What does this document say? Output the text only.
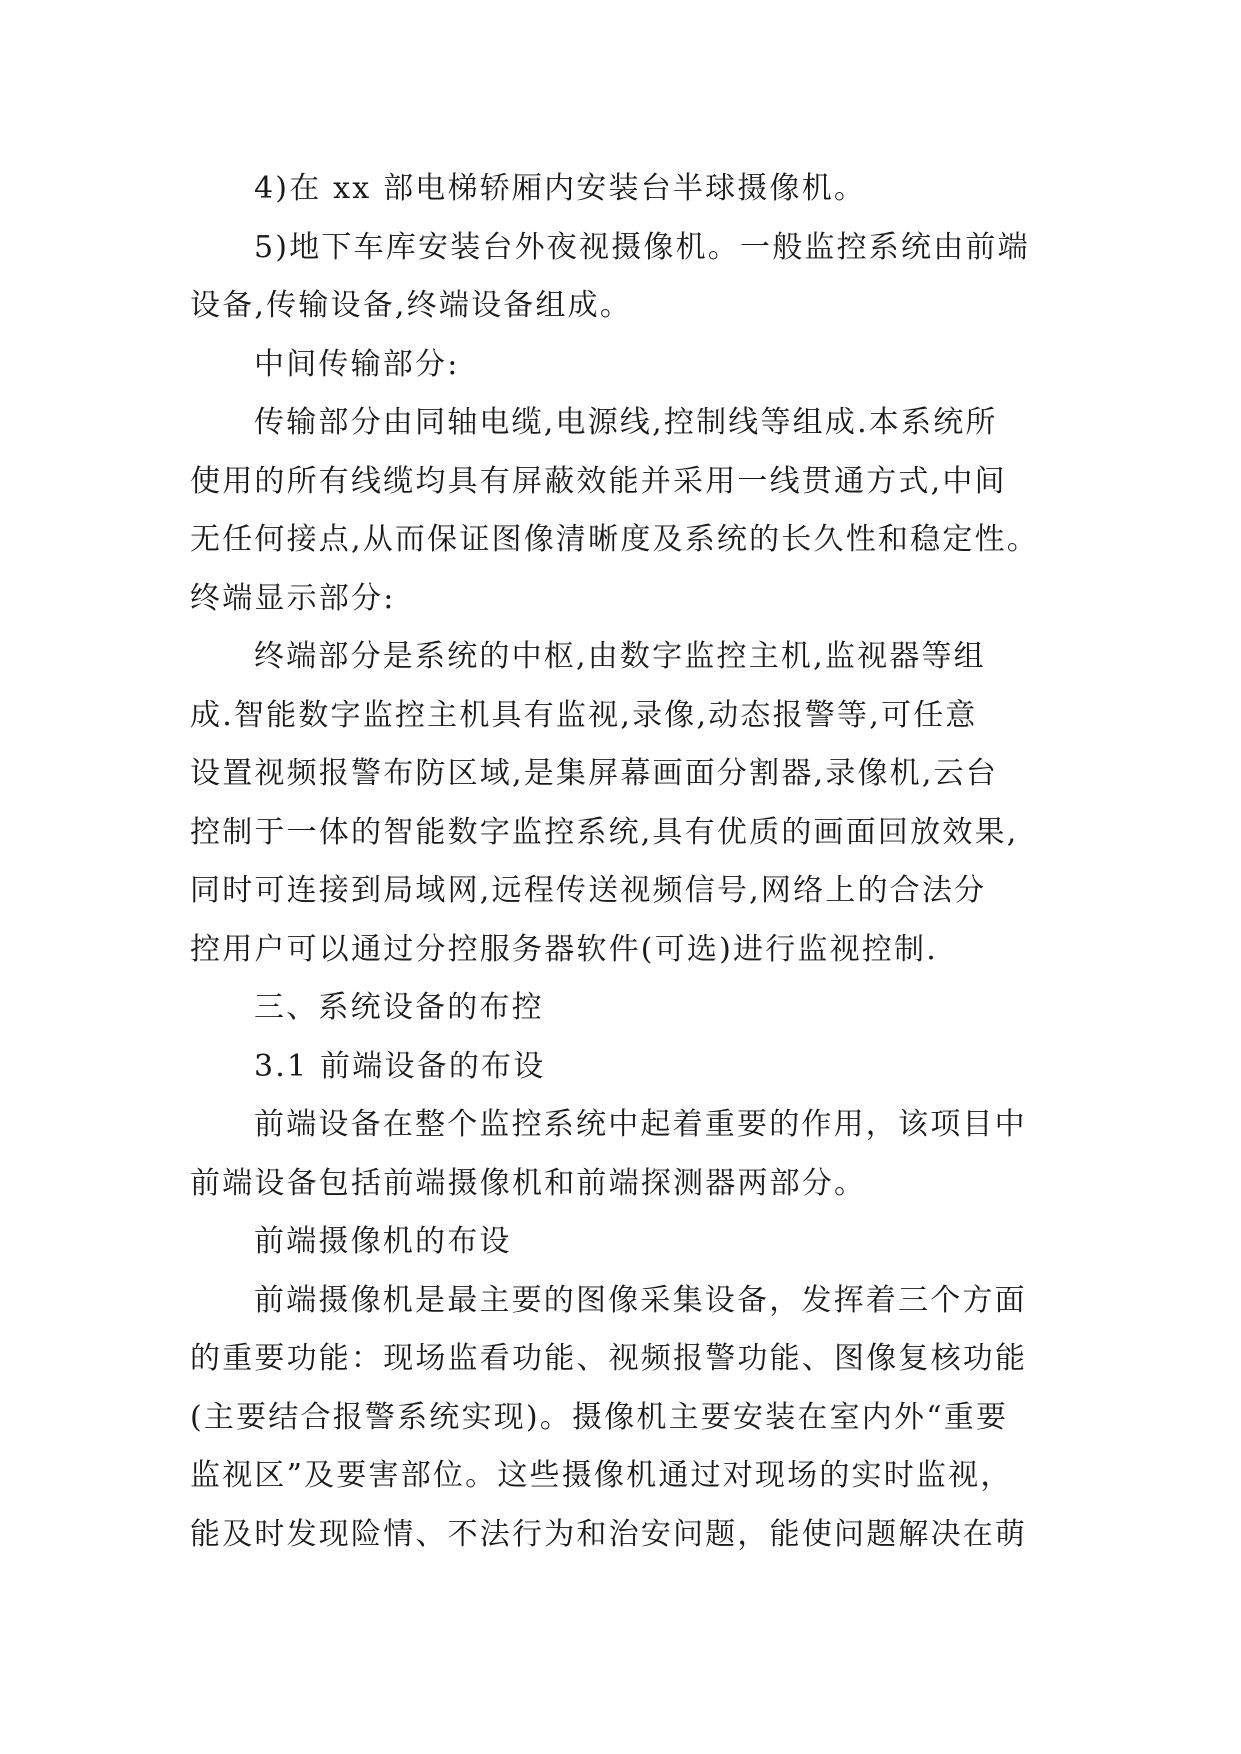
4)在 xx 部电梯轿厢内安装台半球摄像机。

5)地下车库安装台外夜视摄像机。一般监控系统由前端

设备,传输设备,终端设备组成。

中间传输部分:

传输部分由同轴电缆,电源线,控制线等组成.本系统所

使用的所有线缆均具有屏蔽效能并采用一线贯通方式,中间

无任何接点,从而保证图像清晰度及系统的长久性和稳定性。

终端显示部分:

终端部分是系统的中枢,由数字监控主机,监视器等组

成.智能数字监控主机具有监视,录像,动态报警等,可任意

设置视频报警布防区域,是集屏幕画面分割器,录像机,云台

控制于一体的智能数字监控系统,具有优质的画面回放效果,

同时可连接到局域网,远程传送视频信号,网络上的合法分

控用户可以通过分控服务器软件(可选)进行监视控制.

三、系统设备的布控

3.1 前端设备的布设

前端设备在整个监控系统中起着重要的作用，该项目中

前端设备包括前端摄像机和前端探测器两部分。

前端摄像机的布设

前端摄像机是最主要的图像采集设备，发挥着三个方面

的重要功能：现场监看功能、视频报警功能、图像复核功能

(主要结合报警系统实现)。摄像机主要安装在室内外“重要

监视区”及要害部位。这些摄像机通过对现场的实时监视，

能及时发现险情、不法行为和治安问题，能使问题解决在萌
